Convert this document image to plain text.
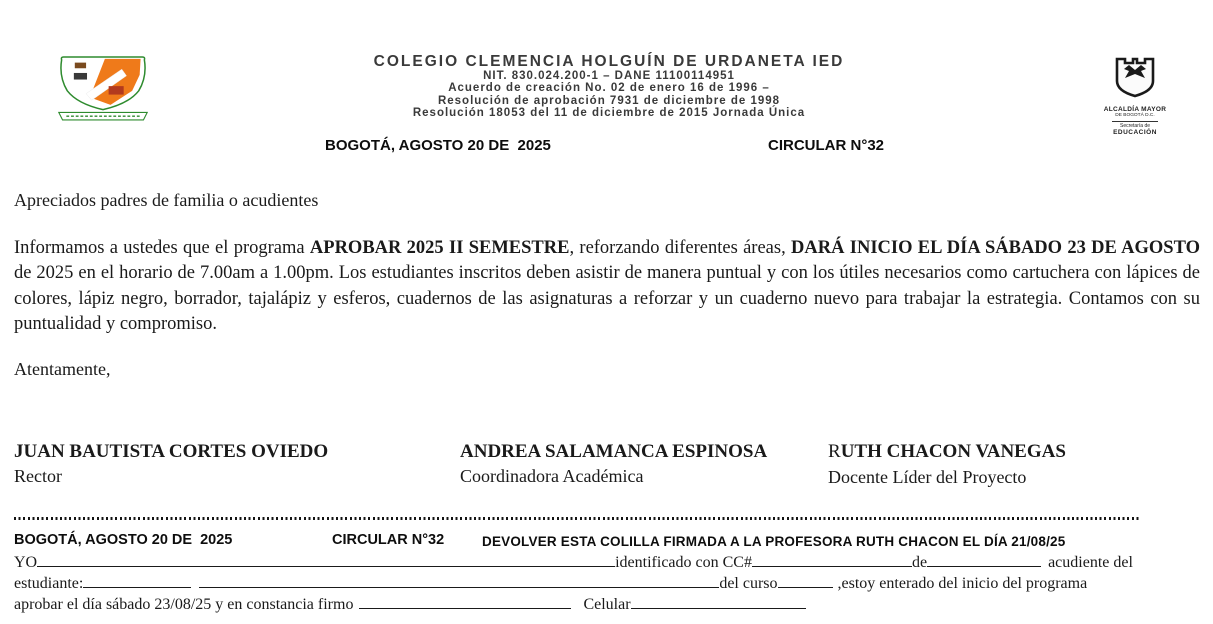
COLEGIO CLEMENCIA HOLGUÍN DE URDANETA IED
NIT. 830.024.200-1 – DANE 11100114951
Acuerdo de creación No. 02 de enero 16 de 1996 –
Resolución de aprobación 7931 de diciembre de 1998
Resolución 18053 del 11 de diciembre de 2015 Jornada Única	ALCALDÍA MAYOR
DE BOGOTÁ D.C.
Secretaría de
EDUCACIÓN
BOGOTÁ, AGOSTO 20 DE  2025	CIRCULAR N°32
Apreciados padres de familia o acudientes
Informamos a ustedes que el programa APROBAR 2025 II SEMESTRE, reforzando diferentes áreas, DARÁ INICIO EL DÍA SÁBADO 23 DE AGOSTO de 2025 en el horario de 7.00am a 1.00pm. Los estudiantes inscritos deben asistir de manera puntual y con los útiles necesarios como cartuchera con lápices de colores, lápiz negro, borrador, tajalápiz y esferos, cuadernos de las asignaturas a reforzar y un cuaderno nuevo para trabajar la estrategia. Contamos con su puntualidad y compromiso.
Atentamente,
JUAN BAUTISTA CORTES OVIEDO
Rector
ANDREA SALAMANCA ESPINOSA
Coordinadora Académica
RUTH CHACON VANEGAS
Docente Líder del Proyecto
BOGOTÁ, AGOSTO 20 DE  2025	CIRCULAR N°32	DEVOLVER ESTA COLILLA FIRMADA A LA PROFESORA RUTH CHACON EL DÍA 21/08/25
YO	identificado con CC#	de	acudiente del
estudiante:	del curso	,estoy enterado del inicio del programa
aprobar el día sábado 23/08/25 y en constancia firmo	Celular
